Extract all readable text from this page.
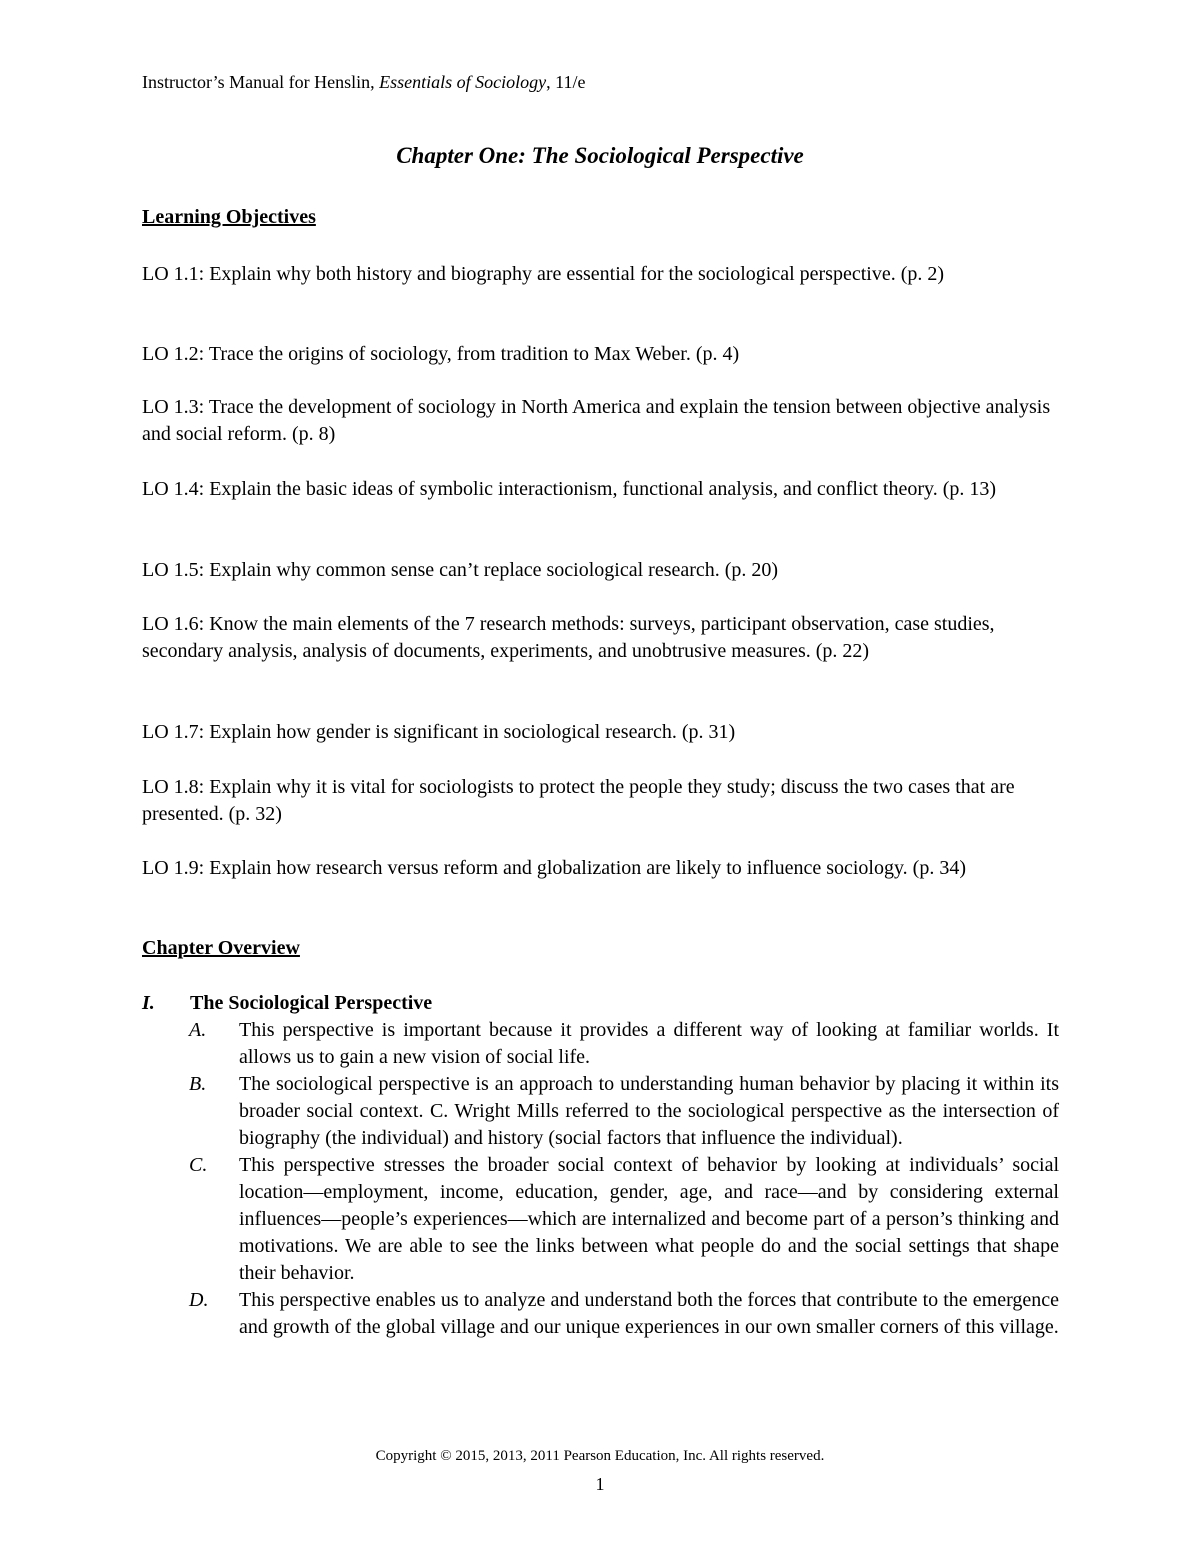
Instructor’s Manual for Henslin, Essentials of Sociology, 11/e
Chapter One: The Sociological Perspective
Learning Objectives
LO 1.1: Explain why both history and biography are essential for the sociological perspective. (p. 2)
LO 1.2: Trace the origins of sociology, from tradition to Max Weber. (p. 4)
LO 1.3: Trace the development of sociology in North America and explain the tension between objective analysis and social reform. (p. 8)
LO 1.4: Explain the basic ideas of symbolic interactionism, functional analysis, and conflict theory. (p. 13)
LO 1.5: Explain why common sense can’t replace sociological research. (p. 20)
LO 1.6: Know the main elements of the 7 research methods: surveys, participant observation, case studies, secondary analysis, analysis of documents, experiments, and unobtrusive measures. (p. 22)
LO 1.7: Explain how gender is significant in sociological research. (p. 31)
LO 1.8: Explain why it is vital for sociologists to protect the people they study; discuss the two cases that are presented. (p. 32)
LO 1.9: Explain how research versus reform and globalization are likely to influence sociology. (p. 34)
Chapter Overview
I. The Sociological Perspective
A. This perspective is important because it provides a different way of looking at familiar worlds. It allows us to gain a new vision of social life.
B. The sociological perspective is an approach to understanding human behavior by placing it within its broader social context. C. Wright Mills referred to the sociological perspective as the intersection of biography (the individual) and history (social factors that influence the individual).
C. This perspective stresses the broader social context of behavior by looking at individuals’ social location—employment, income, education, gender, age, and race—and by considering external influences—people’s experiences—which are internalized and become part of a person’s thinking and motivations. We are able to see the links between what people do and the social settings that shape their behavior.
D. This perspective enables us to analyze and understand both the forces that contribute to the emergence and growth of the global village and our unique experiences in our own smaller corners of this village.
Copyright © 2015, 2013, 2011 Pearson Education, Inc. All rights reserved.
1
